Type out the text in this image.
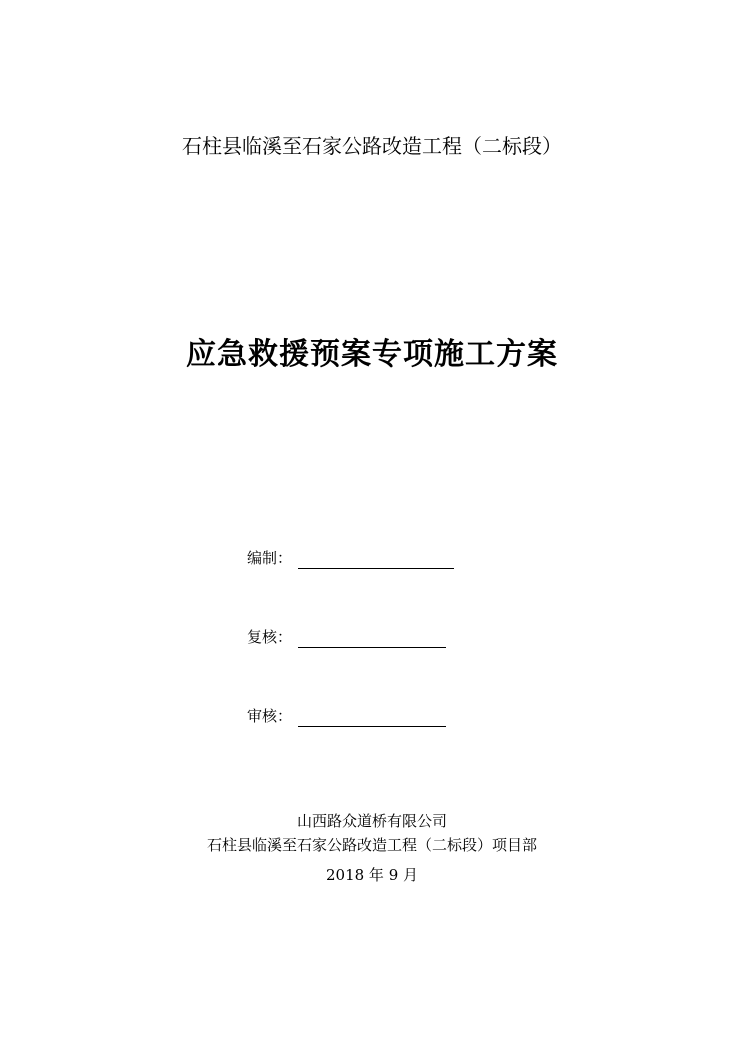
石柱县临溪至石家公路改造工程（二标段）
应急救援预案专项施工方案
编制：
复核：
审核：
山西路众道桥有限公司
石柱县临溪至石家公路改造工程（二标段）项目部
2018 年 9 月
